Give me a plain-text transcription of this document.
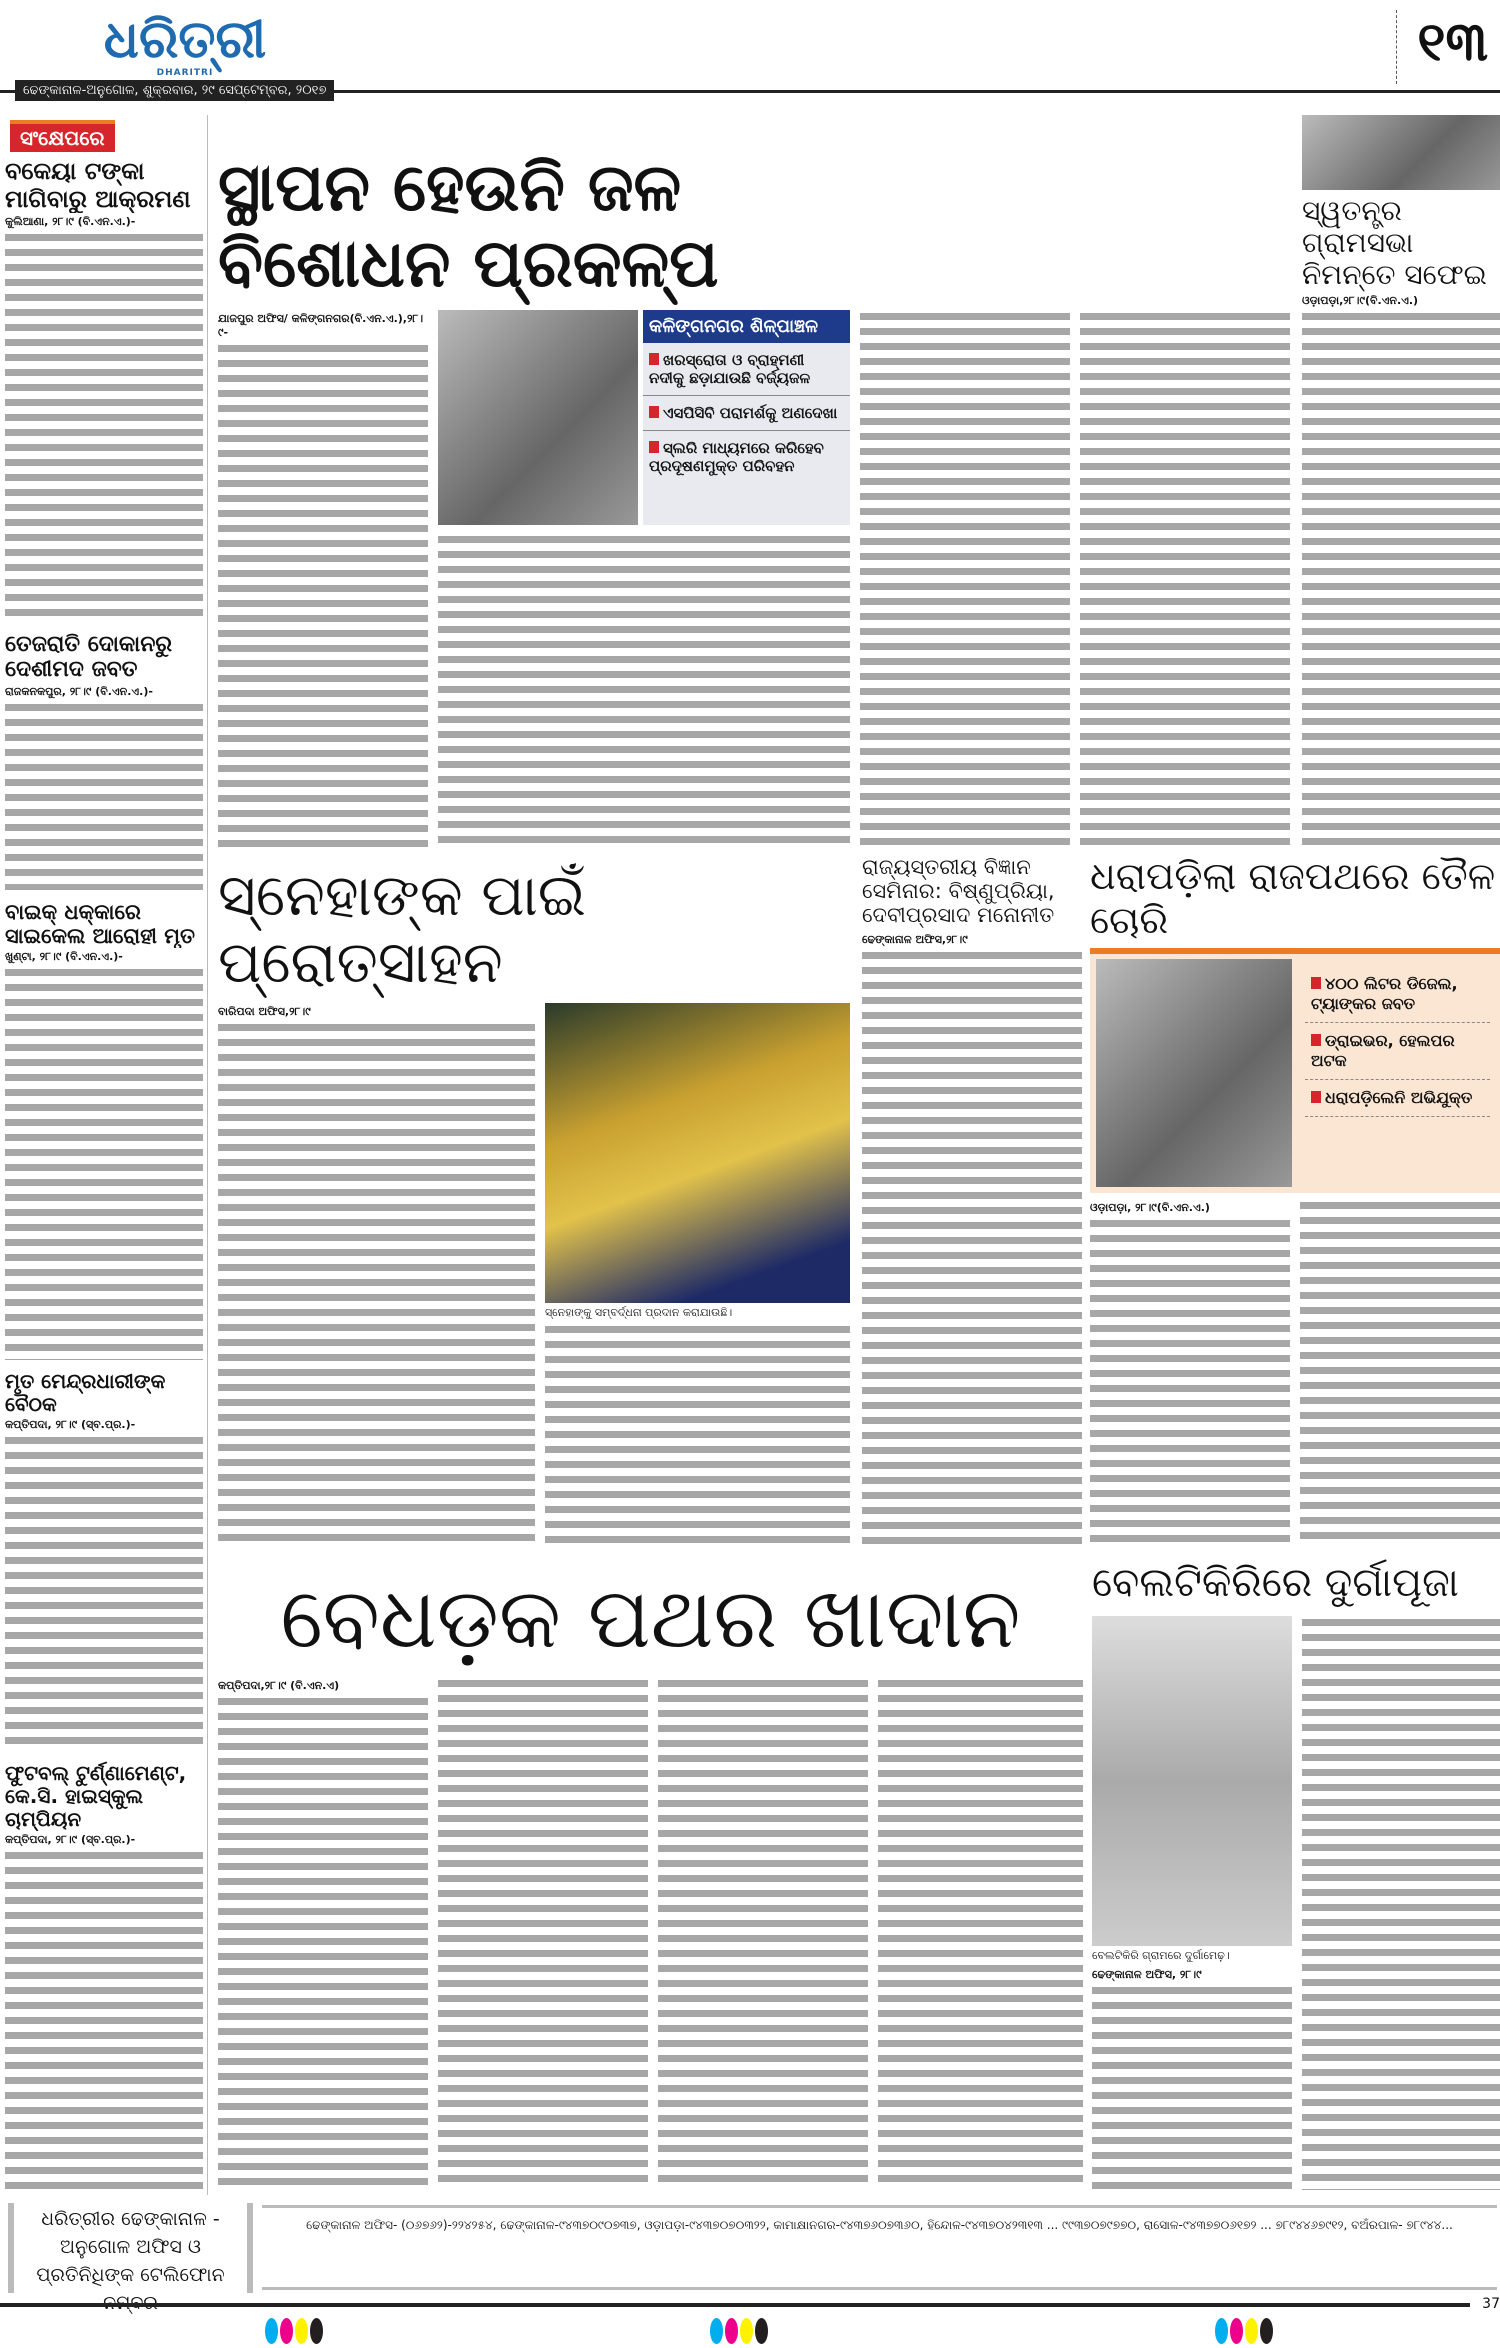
ଧରିତ୍ରୀ
DHARITRI
ଢେଙ୍କାନାଳ-ଅନୁଗୋଳ, ଶୁକ୍ରବାର, ୨୯ ସେପ୍ଟେମ୍ବର, ୨୦୧୭
୧୩
ସଂକ୍ଷେପରେ
ବକେୟା ଟଙ୍କା ମାଗିବାରୁ ଆକ୍ରମଣ
କୁଲିଆଣା, ୨୮।୯ (ବି.ଏନ.ଏ.)-
ତେଜରାତି ଦୋକାନରୁ ଦେଶୀମଦ ଜବତ
ରାଜକନକପୁର, ୨୮।୯ (ବି.ଏନ.ଏ.)-
ବାଇକ୍ ଧକ୍କାରେ ସାଇକେଲ ଆରୋହୀ ମୃତ
ଖୁଣ୍ଟା, ୨୮।୯ (ବି.ଏନ.ଏ.)-
ମୃତ ମେନ୍ଦ୍ରଧାରୀଙ୍କ ବୈଠକ
କପ୍ତିପଦା, ୨୮।୯ (ସ୍ବ.ପ୍ର.)-
ଫୁଟବଲ୍ ଟୁର୍ଣ୍ଣାମେଣ୍ଟ, କେ.ସି. ହାଇସ୍କୁଲ ଚାମ୍ପିୟନ
କପ୍ତିପଦା, ୨୮।୯ (ସ୍ବ.ପ୍ର.)-
ସ୍ଥାପନ ହେଉନି ଜଳ ବିଶୋଧନ ପ୍ରକଳ୍ପ
ଯାଜପୁର ଅଫିସ/ କଳିଙ୍ଗନଗର(ବି.ଏନ.ଏ.),୨୮।୯-	କଳିଙ୍ଗନଗର ଶିଳ୍ପାଞ୍ଚଳ
ଖରସ୍ରୋତା ଓ ବ୍ରାହ୍ମଣୀ ନଦୀକୁ ଛଡ଼ାଯାଉଛି ବର୍ଜ୍ୟଜଳ
ଏସପିସିବି ପରାମର୍ଶକୁ ଅଣଦେଖା
ସ୍ଲରି ମାଧ୍ୟମରେ କରିହେବ ପ୍ରଦୂଷଣମୁକ୍ତ ପରିବହନ
ସ୍ୱତନ୍ତ୍ର ଗ୍ରାମସଭା ନିମନ୍ତେ ସଫେଇ
ଓଡ଼ାପଡ଼ା,୨୮।୯(ବି.ଏନ.ଏ.)
ସ୍ନେହାଙ୍କ ପାଇଁ ପ୍ରୋତ୍ସାହନ
ବାରିପଦା ଅଫିସ,୨୮।୯
ସ୍ନେହାଙ୍କୁ ସମ୍ବର୍ଦ୍ଧନା ପ୍ରଦାନ କରାଯାଉଛି।
ରାଜ୍ୟସ୍ତରୀୟ ବିଜ୍ଞାନ ସେମିନାର: ବିଷ୍ଣୁପ୍ରିୟା, ଦେବୀପ୍ରସାଦ ମନୋନୀତ
ଢେଙ୍କାନାଳ ଅଫିସ,୨୮।୯
ଧରାପଡ଼ିଲା ରାଜପଥରେ ତୈଳ ଚୋରି
୪୦୦ ଲିଟର ଡିଜେଲ, ଟ୍ୟାଙ୍କର ଜବତ
ଡ୍ରାଇଭର, ହେଲପର ଅଟକ
ଧରାପଡ଼ିଲେନି ଅଭିଯୁକ୍ତ
ଓଡ଼ାପଡ଼ା, ୨୮।୯(ବି.ଏନ.ଏ.)
ବେଧଡ଼କ ପଥର ଖାଦାନ
କପ୍ତିପଦା,୨୮।୯ (ବି.ଏନ.ଏ)
ବେଲଟିକିରିରେ ଦୁର୍ଗାପୂଜା
ବେଲଟିକିରି ଗ୍ରାମରେ ଦୁର୍ଗାମେଢ଼।
ଢେଙ୍କାନାଳ ଅଫିସ, ୨୮।୯
ଧରିତ୍ରୀର ଢେଙ୍କାନାଳ - ଅନୁଗୋଳ ଅଫିସ ଓ ପ୍ରତିନିଧିଙ୍କ ଟେଲିଫୋନ
ଢେଙ୍କାନାଳ ଅଫିସ- (୦୬୭୬୨)-୨୨୪୨୫୪, ଢେଙ୍କାନାଳ-୯୪୩୭୦୯୦୭୩୭, ଓଡ଼ାପଡ଼ା-୯୪୩୭୦୭୦୩୨୨, କାମାକ୍ଷାନଗର-୯୪୩୭୬୦୭୩୬୦, ହିନ୍ଦୋଳ-୯୪୩୭୦୪୨୩୧୩ ... ୯୯୩୭୦୭୯୭୭୦, ରାସୋଳ-୯୪୩୭୭୦୬୧୭୨ ... ୭୮୯୪୪୬୭୯୧୨, ବଅଁରପାଳ- ୭୮୯୪୪...
37
